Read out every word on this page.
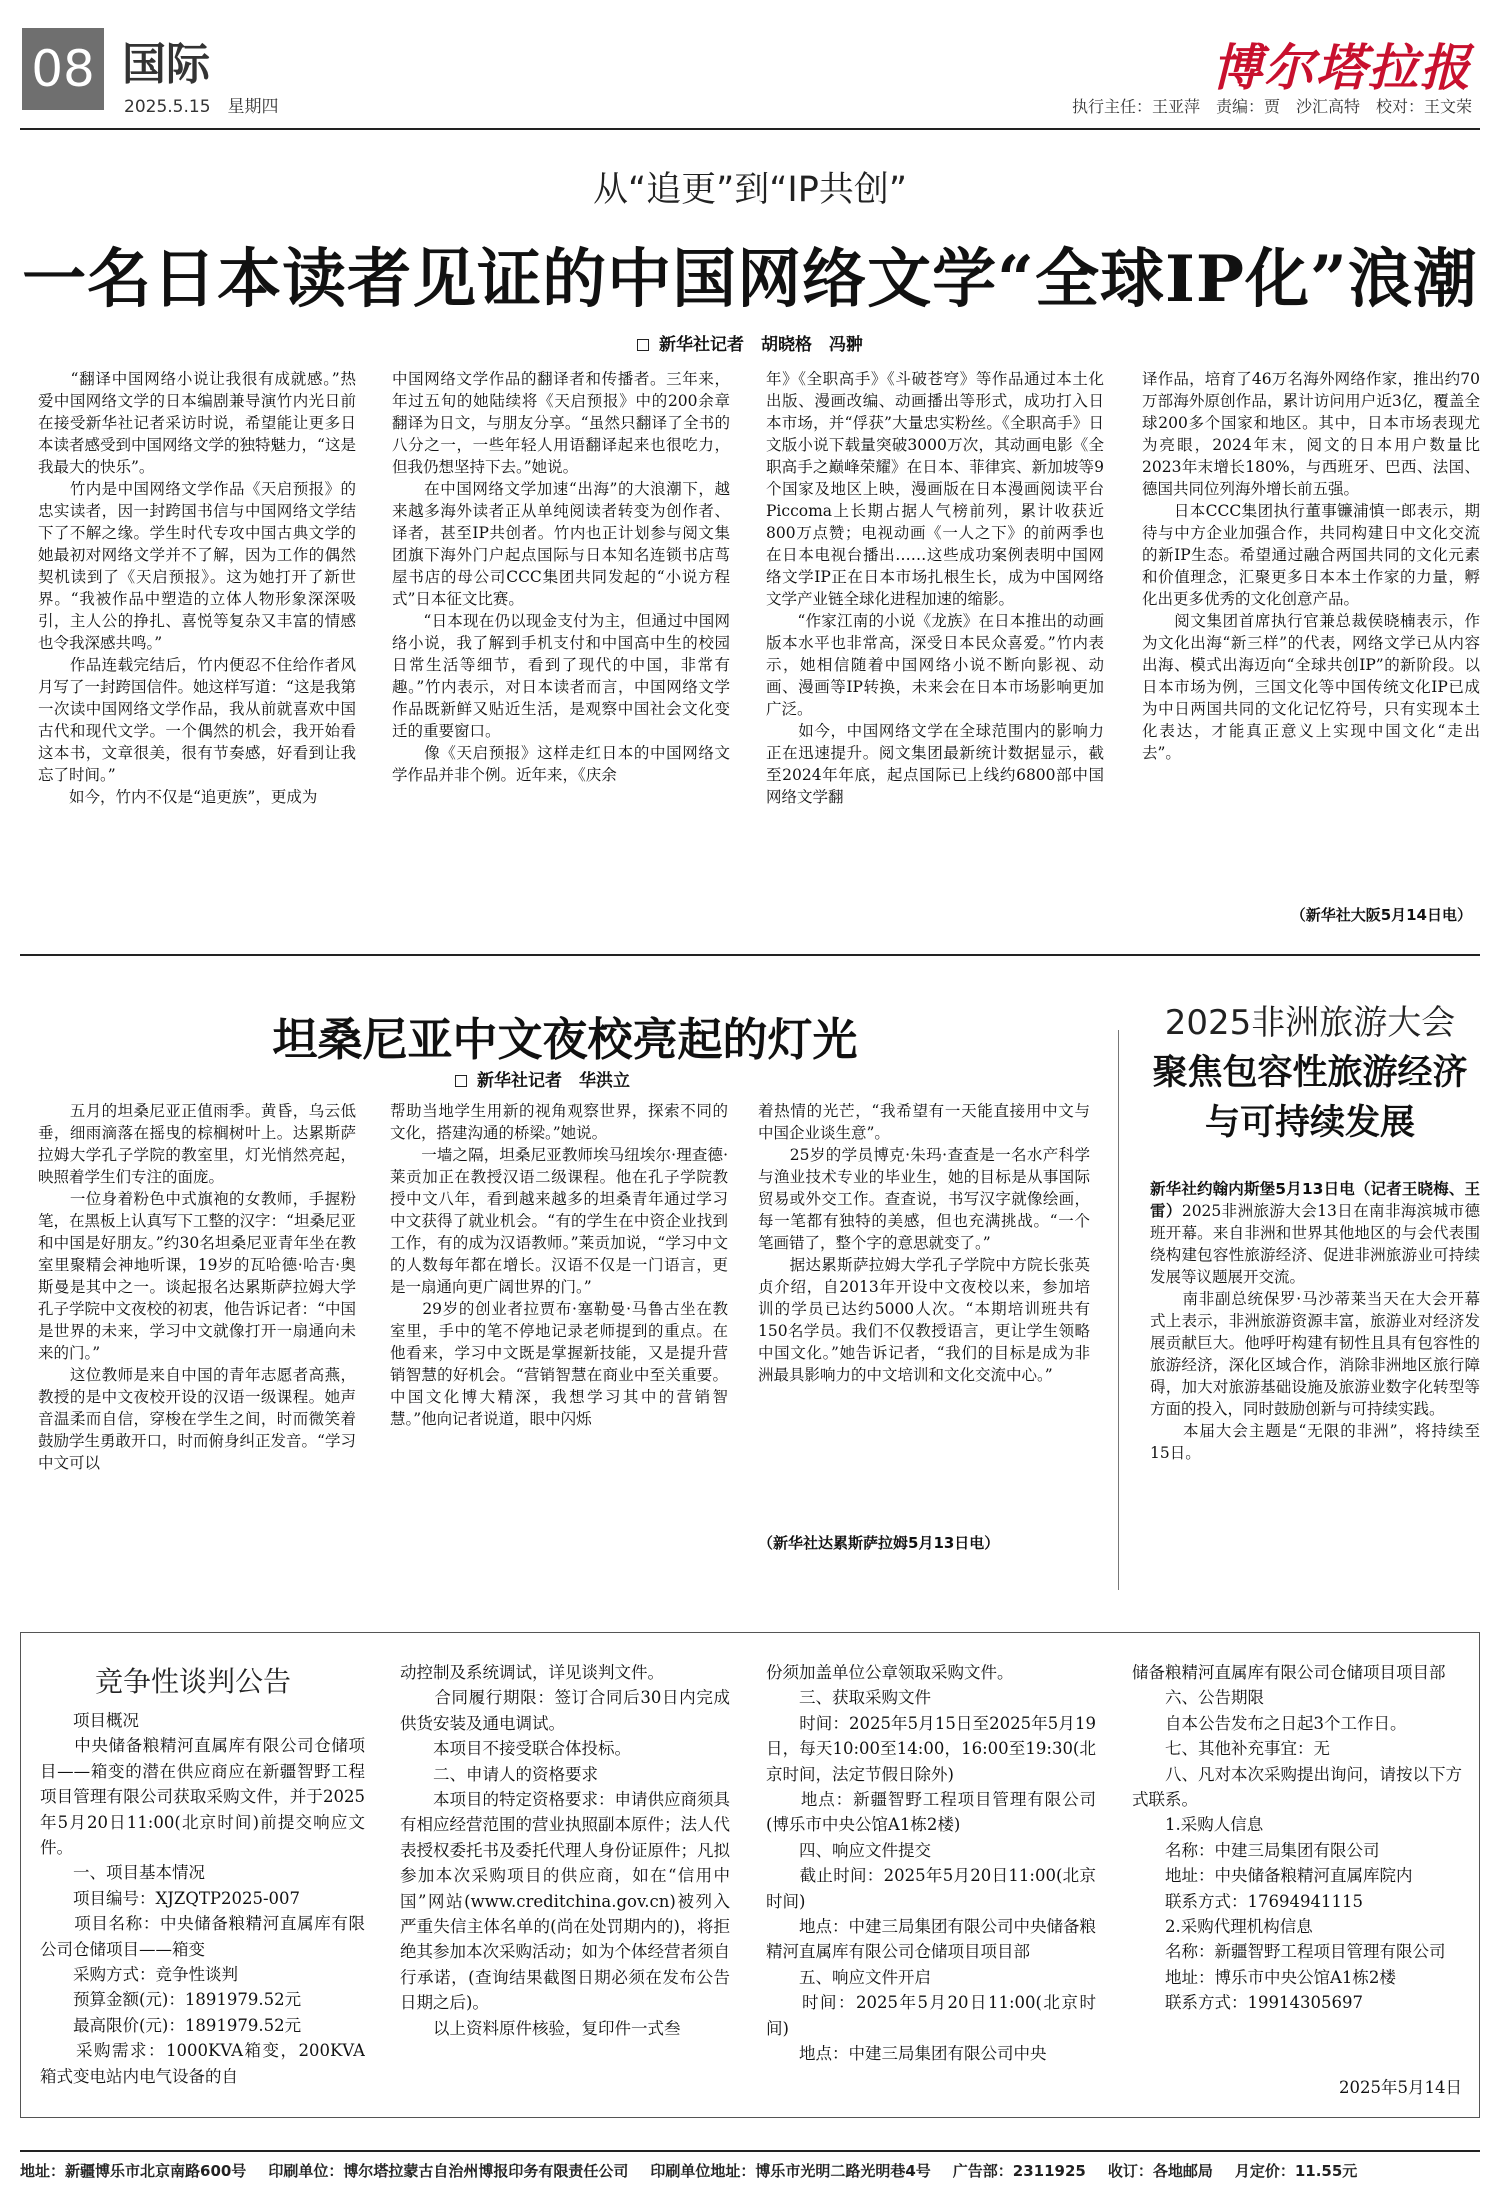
08 国际
2025.5.15　 星期四
博尔塔拉报
执行主任：王亚萍　责编：贾　沙汇高特　校对：王文荣
从“追更”到“IP共创”
一名日本读者见证的中国网络文学“全球IP化”浪潮
新华社记者　胡晓格　冯翀
　　“翻译中国网络小说让我很有成就感。”热爱中国网络文学的日本编剧兼导演竹内光日前在接受新华社记者采访时说，希望能让更多日本读者感受到中国网络文学的独特魅力，“这是我最大的快乐”。
　　竹内是中国网络文学作品《天启预报》的忠实读者，因一封跨国书信与中国网络文学结下了不解之缘。学生时代专攻中国古典文学的她最初对网络文学并不了解，因为工作的偶然契机读到了《天启预报》。这为她打开了新世界。“我被作品中塑造的立体人物形象深深吸引，主人公的挣扎、喜悦等复杂又丰富的情感也令我深感共鸣。”
　　作品连载完结后，竹内便忍不住给作者风月写了一封跨国信件。她这样写道：“这是我第一次读中国网络文学作品，我从前就喜欢中国古代和现代文学。一个偶然的机会，我开始看这本书，文章很美，很有节奏感，好看到让我忘了时间。”
　　如今，竹内不仅是“追更族”，更成为
中国网络文学作品的翻译者和传播者。三年来，年过五旬的她陆续将《天启预报》中的200余章翻译为日文，与朋友分享。“虽然只翻译了全书的八分之一，一些年轻人用语翻译起来也很吃力，但我仍想坚持下去。”她说。
　　在中国网络文学加速“出海”的大浪潮下，越来越多海外读者正从单纯阅读者转变为创作者、译者，甚至IP共创者。竹内也正计划参与阅文集团旗下海外门户起点国际与日本知名连锁书店茑屋书店的母公司CCC集团共同发起的“小说方程式”日本征文比赛。
　　“日本现在仍以现金支付为主，但通过中国网络小说，我了解到手机支付和中国高中生的校园日常生活等细节，看到了现代的中国，非常有趣。”竹内表示，对日本读者而言，中国网络文学作品既新鲜又贴近生活，是观察中国社会文化变迁的重要窗口。
　　像《天启预报》这样走红日本的中国网络文学作品并非个例。近年来，《庆余
年》《全职高手》《斗破苍穹》等作品通过本土化出版、漫画改编、动画播出等形式，成功打入日本市场，并“俘获”大量忠实粉丝。《全职高手》日文版小说下载量突破3000万次，其动画电影《全职高手之巅峰荣耀》在日本、菲律宾、新加坡等9个国家及地区上映，漫画版在日本漫画阅读平台Piccoma上长期占据人气榜前列，累计收获近800万点赞；电视动画《一人之下》的前两季也在日本电视台播出……这些成功案例表明中国网络文学IP正在日本市场扎根生长，成为中国网络文学产业链全球化进程加速的缩影。
　　“作家江南的小说《龙族》在日本推出的动画版本水平也非常高，深受日本民众喜爱。”竹内表示，她相信随着中国网络小说不断向影视、动画、漫画等IP转换，未来会在日本市场影响更加广泛。
　　如今，中国网络文学在全球范围内的影响力正在迅速提升。阅文集团最新统计数据显示，截至2024年年底，起点国际已上线约6800部中国网络文学翻
译作品，培育了46万名海外网络作家，推出约70万部海外原创作品，累计访问用户近3亿，覆盖全球200多个国家和地区。其中，日本市场表现尤为亮眼，2024年末，阅文的日本用户数量比2023年末增长180%，与西班牙、巴西、法国、德国共同位列海外增长前五强。
　　日本CCC集团执行董事镰浦慎一郎表示，期待与中方企业加强合作，共同构建日中文化交流的新IP生态。希望通过融合两国共同的文化元素和价值理念，汇聚更多日本本土作家的力量，孵化出更多优秀的文化创意产品。
　　阅文集团首席执行官兼总裁侯晓楠表示，作为文化出海“新三样”的代表，网络文学已从内容出海、模式出海迈向“全球共创IP”的新阶段。以日本市场为例，三国文化等中国传统文化IP已成为中日两国共同的文化记忆符号，只有实现本土化表达，才能真正意义上实现中国文化“走出去”。
（新华社大阪5月14日电）
坦桑尼亚中文夜校亮起的灯光
新华社记者　华洪立
　　五月的坦桑尼亚正值雨季。黄昏，乌云低垂，细雨滴落在摇曳的棕榈树叶上。达累斯萨拉姆大学孔子学院的教室里，灯光悄然亮起，映照着学生们专注的面庞。
　　一位身着粉色中式旗袍的女教师，手握粉笔，在黑板上认真写下工整的汉字：“坦桑尼亚和中国是好朋友。”约30名坦桑尼亚青年坐在教室里聚精会神地听课，19岁的瓦哈德·哈吉·奥斯曼是其中之一。谈起报名达累斯萨拉姆大学孔子学院中文夜校的初衷，他告诉记者：“中国是世界的未来，学习中文就像打开一扇通向未来的门。”
　　这位教师是来自中国的青年志愿者高燕，教授的是中文夜校开设的汉语一级课程。她声音温柔而自信，穿梭在学生之间，时而微笑着鼓励学生勇敢开口，时而俯身纠正发音。“学习中文可以
帮助当地学生用新的视角观察世界，探索不同的文化，搭建沟通的桥梁。”她说。
　　一墙之隔，坦桑尼亚教师埃马纽埃尔·理查德·莱贡加正在教授汉语二级课程。他在孔子学院教授中文八年，看到越来越多的坦桑青年通过学习中文获得了就业机会。“有的学生在中资企业找到工作，有的成为汉语教师。”莱贡加说，“学习中文的人数每年都在增长。汉语不仅是一门语言，更是一扇通向更广阔世界的门。”
　　29岁的创业者拉贾布·塞勒曼·马鲁古坐在教室里，手中的笔不停地记录老师提到的重点。在他看来，学习中文既是掌握新技能，又是提升营销智慧的好机会。“营销智慧在商业中至关重要。中国文化博大精深，我想学习其中的营销智慧。”他向记者说道，眼中闪烁
着热情的光芒，“我希望有一天能直接用中文与中国企业谈生意”。
　　25岁的学员博克·朱玛·查查是一名水产科学与渔业技术专业的毕业生，她的目标是从事国际贸易或外交工作。查查说，书写汉字就像绘画，每一笔都有独特的美感，但也充满挑战。“一个笔画错了，整个字的意思就变了。”
　　据达累斯萨拉姆大学孔子学院中方院长张英贞介绍，自2013年开设中文夜校以来，参加培训的学员已达约5000人次。“本期培训班共有150名学员。我们不仅教授语言，更让学生领略中国文化。”她告诉记者，“我们的目标是成为非洲最具影响力的中文培训和文化交流中心。”
（新华社达累斯萨拉姆5月13日电）
2025非洲旅游大会
聚焦包容性旅游经济
与可持续发展
新华社约翰内斯堡5月13日电（记者王晓梅、王雷）2025非洲旅游大会13日在南非海滨城市德班开幕。来自非洲和世界其他地区的与会代表围绕构建包容性旅游经济、促进非洲旅游业可持续发展等议题展开交流。
　　南非副总统保罗·马沙蒂莱当天在大会开幕式上表示，非洲旅游资源丰富，旅游业对经济发展贡献巨大。他呼吁构建有韧性且具有包容性的旅游经济，深化区域合作，消除非洲地区旅行障碍，加大对旅游基础设施及旅游业数字化转型等方面的投入，同时鼓励创新与可持续实践。
　　本届大会主题是“无限的非洲”，将持续至15日。
竞争性谈判公告
　　项目概况
　　中央储备粮精河直属库有限公司仓储项目——箱变的潜在供应商应在新疆智野工程项目管理有限公司获取采购文件，并于2025年5月20日11:00(北京时间)前提交响应文件。
　　一、项目基本情况
　　项目编号：XJZQTP2025-007
　　项目名称：中央储备粮精河直属库有限公司仓储项目——箱变
　　采购方式：竞争性谈判
　　预算金额(元)：1891979.52元
　　最高限价(元)：1891979.52元
　　采购需求：1000KVA箱变，200KVA箱式变电站内电气设备的自
动控制及系统调试，详见谈判文件。
　　合同履行期限：签订合同后30日内完成供货安装及通电调试。
　　本项目不接受联合体投标。
　　二、申请人的资格要求
　　本项目的特定资格要求：申请供应商须具有相应经营范围的营业执照副本原件；法人代表授权委托书及委托代理人身份证原件；凡拟参加本次采购项目的供应商，如在“信用中国”网站(www.creditchina.gov.cn)被列入严重失信主体名单的(尚在处罚期内的)，将拒绝其参加本次采购活动；如为个体经营者须自行承诺，(查询结果截图日期必须在发布公告日期之后)。
　　以上资料原件核验，复印件一式叁
份须加盖单位公章领取采购文件。
　　三、获取采购文件
　　时间：2025年5月15日至2025年5月19日，每天10:00至14:00，16:00至19:30(北京时间，法定节假日除外)
　　地点：新疆智野工程项目管理有限公司(博乐市中央公馆A1栋2楼)
　　四、响应文件提交
　　截止时间：2025年5月20日11:00(北京时间)
　　地点：中建三局集团有限公司中央储备粮精河直属库有限公司仓储项目项目部
　　五、响应文件开启
　　时间：2025年5月20日11:00(北京时间)
　　地点：中建三局集团有限公司中央
储备粮精河直属库有限公司仓储项目项目部
　　六、公告期限
　　自本公告发布之日起3个工作日。
　　七、其他补充事宜：无
　　八、凡对本次采购提出询问，请按以下方式联系。
　　1.采购人信息
　　名称：中建三局集团有限公司
　　地址：中央储备粮精河直属库院内
　　联系方式：17694941115
　　2.采购代理机构信息
　　名称：新疆智野工程项目管理有限公司
　　地址：博乐市中央公馆A1栋2楼
　　联系方式：19914305697
2025年5月14日
地址：新疆博乐市北京南路600号 印刷单位：博尔塔拉蒙古自治州博报印务有限责任公司 印刷单位地址：博乐市光明二路光明巷4号 广告部：2311925 收订：各地邮局 月定价：11.55元
